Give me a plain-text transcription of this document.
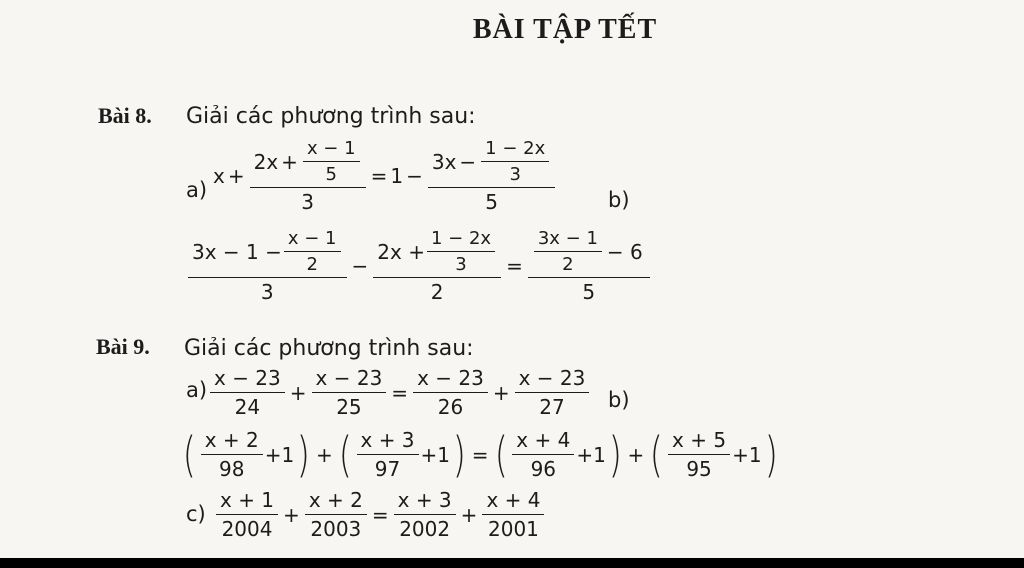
BÀI TẬP TẾT
Bài 8. Giải các phương trình sau:
a)
$x + \frac{2x + \frac{x - 1}{5}}{3} = 1 - \frac{3x - \frac{1 - 2x}{3}}{5}$	b)
$\frac{3x - 1 - \frac{x - 1}{2}}{3} - \frac{2x + \frac{1 - 2x}{3}}{2} = \frac{\frac{3x - 1}{2} - 6}{5}$
Bài 9. Giải các phương trình sau:
$a) \frac{x - 23}{24} + \frac{x - 23}{25} = \frac{x - 23}{26} + \frac{x - 23}{27} b$)
( $\frac{x + 2}{98} +1$ ) + ( $\frac{x + 3}{97} +1$ ) = ( $\frac{x + 4}{96} +1$ ) + ( $\frac{x + 5}{95} +1$ )
$c) \frac{x + 1}{2004} + \frac{x + 2}{2003} = \frac{x + 3}{2002} + \frac{x + 4}{2001}$
